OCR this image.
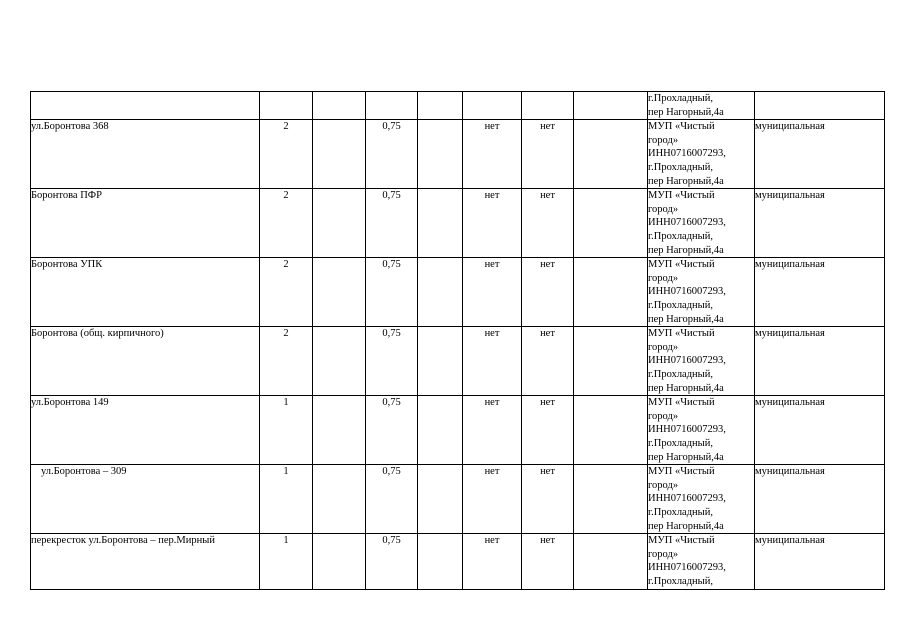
								г.Прохладный,
пер Нагорный,4а	

ул.Боронтова 368	2		0,75		нет	нет		МУП «Чистый
город»
ИНН0716007293,
г.Прохладный,
пер Нагорный,4а	муниципальная
Боронтова ПФР	2		0,75		нет	нет		МУП «Чистый
город»
ИНН0716007293,
г.Прохладный,
пер Нагорный,4а	муниципальная
Боронтова УПК	2		0,75		нет	нет		МУП «Чистый
город»
ИНН0716007293,
г.Прохладный,
пер Нагорный,4а	муниципальная
Боронтова (общ. кирпичного)	2		0,75		нет	нет		МУП «Чистый
город»
ИНН0716007293,
г.Прохладный,
пер Нагорный,4а	муниципальная
ул.Боронтова 149	1		0,75		нет	нет		МУП «Чистый
город»
ИНН0716007293,
г.Прохладный,
пер Нагорный,4а	муниципальная
ул.Боронтова – 309	1		0,75		нет	нет		МУП «Чистый
город»
ИНН0716007293,
г.Прохладный,
пер Нагорный,4а	муниципальная
перекресток ул.Боронтова – пер.Мирный	1		0,75		нет	нет		МУП «Чистый
город»
ИНН0716007293,
г.Прохладный,	муниципальная
